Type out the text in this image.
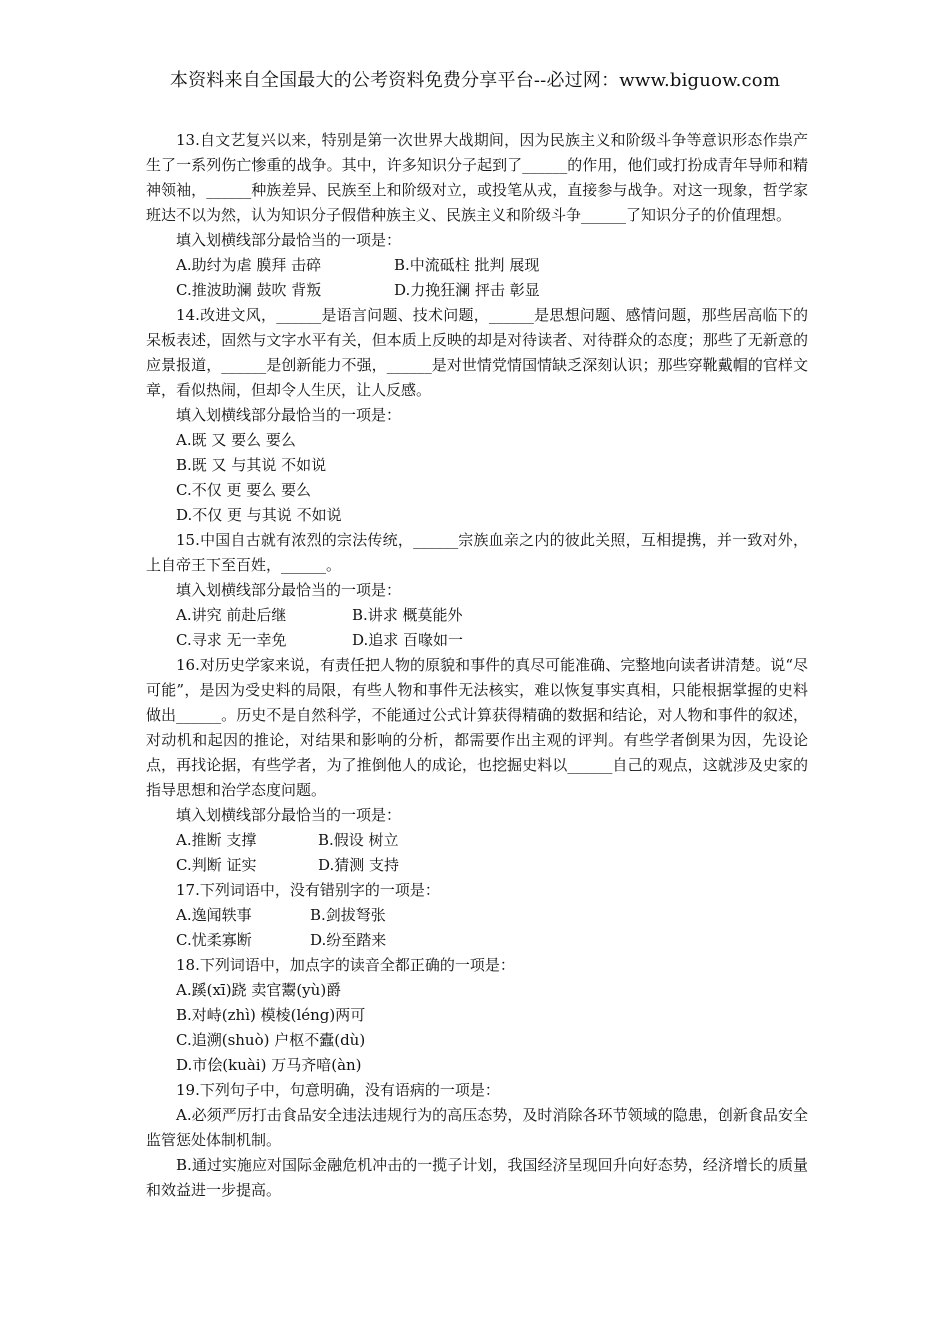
本资料来自全国最大的公考资料免费分享平台--必过网：www.biguow.com

13.自文艺复兴以来，特别是第一次世界大战期间，因为民族主义和阶级斗争等意识形态作祟产生了一系列伤亡惨重的战争。其中，许多知识分子起到了______的作用，他们或打扮成青年导师和精神领袖，______种族差异、民族至上和阶级对立，或投笔从戎，直接参与战争。对这一现象，哲学家班达不以为然，认为知识分子假借种族主义、民族主义和阶级斗争______了知识分子的价值理想。

填入划横线部分最恰当的一项是：

A.助纣为虐 膜拜 击碎	B.中流砥柱 批判 展现

C.推波助澜 鼓吹 背叛	D.力挽狂澜 抨击 彰显

14.改进文风，______是语言问题、技术问题，______是思想问题、感情问题，那些居高临下的呆板表述，固然与文字水平有关，但本质上反映的却是对待读者、对待群众的态度；那些了无新意的应景报道，______是创新能力不强，______是对世情党情国情缺乏深刻认识；那些穿靴戴帽的官样文章，看似热闹，但却令人生厌，让人反感。

填入划横线部分最恰当的一项是：

A.既 又 要么 要么

B.既 又 与其说 不如说

C.不仅 更 要么 要么

D.不仅 更 与其说 不如说

15.中国自古就有浓烈的宗法传统，______宗族血亲之内的彼此关照，互相提携，并一致对外，上自帝王下至百姓，______。

填入划横线部分最恰当的一项是：

A.讲究 前赴后继	B.讲求 概莫能外

C.寻求 无一幸免	D.追求 百喙如一

16.对历史学家来说，有责任把人物的原貌和事件的真尽可能准确、完整地向读者讲清楚。说“尽可能”，是因为受史料的局限，有些人物和事件无法核实，难以恢复事实真相，只能根据掌握的史料做出______。历史不是自然科学，不能通过公式计算获得精确的数据和结论，对人物和事件的叙述，对动机和起因的推论，对结果和影响的分析，都需要作出主观的评判。有些学者倒果为因，先设论点，再找论据，有些学者，为了推倒他人的成论，也挖掘史料以______自己的观点，这就涉及史家的指导思想和治学态度问题。

填入划横线部分最恰当的一项是：

A.推断 支撑	B.假设 树立

C.判断 证实	D.猜测 支持

17.下列词语中，没有错别字的一项是：

A.逸闻轶事	B.剑拔弩张

C.忧柔寡断	D.纷至踏来

18.下列词语中，加点字的读音全都正确的一项是：

A.蹊(xī)跷 卖官鬻(yù)爵

B.对峙(zhì) 模棱(léng)两可

C.追溯(shuò) 户枢不蠹(dù)

D.市侩(kuài) 万马齐喑(àn)

19.下列句子中，句意明确，没有语病的一项是：

A.必须严厉打击食品安全违法违规行为的高压态势，及时消除各环节领域的隐患，创新食品安全监管惩处体制机制。

B.通过实施应对国际金融危机冲击的一揽子计划，我国经济呈现回升向好态势，经济增长的质量和效益进一步提高。
